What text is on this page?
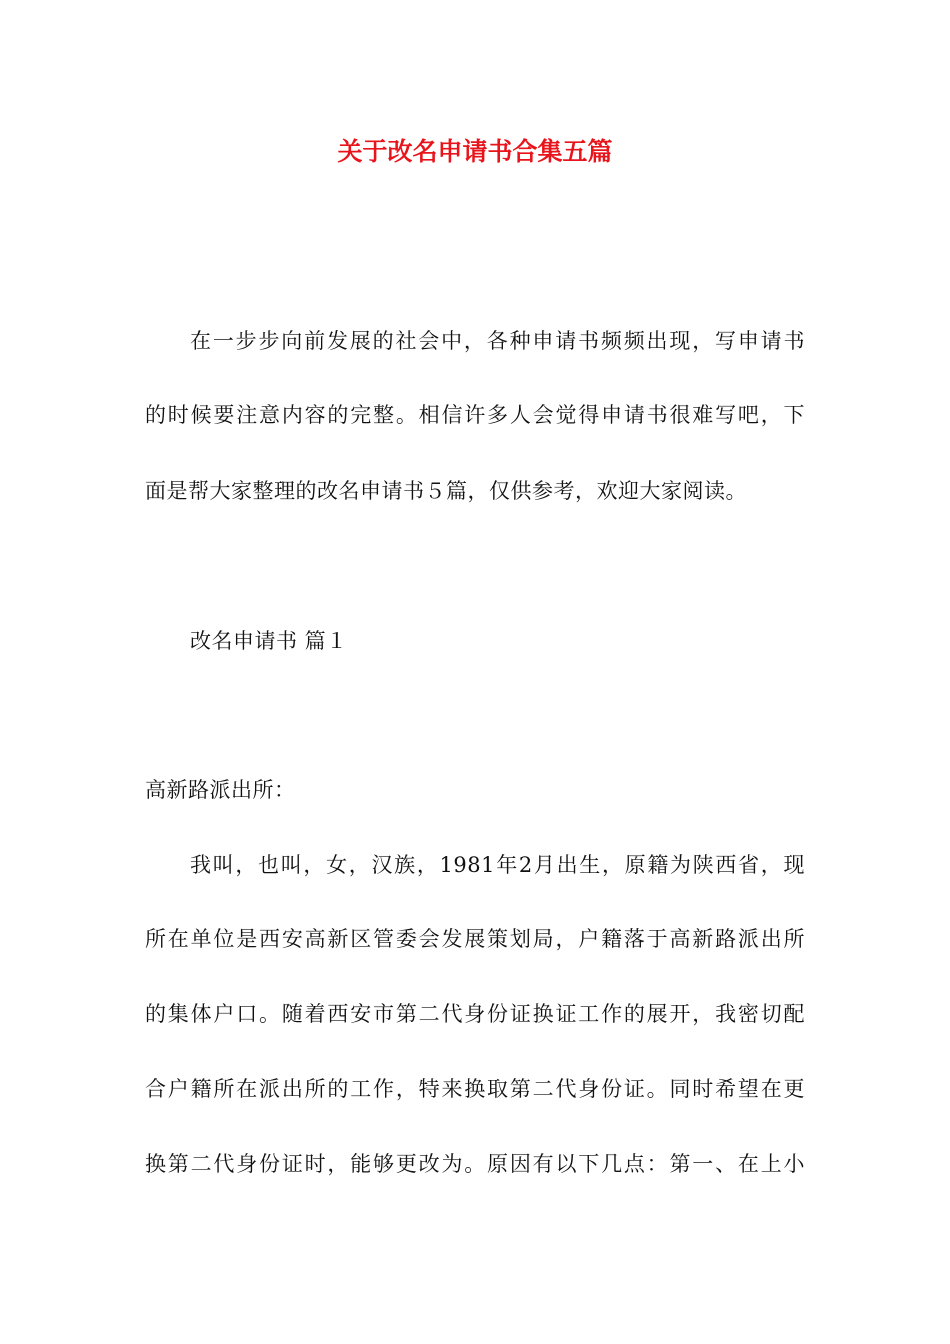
关于改名申请书合集五篇
在一步步向前发展的社会中，各种申请书频频出现，写申请书
的时候要注意内容的完整。相信许多人会觉得申请书很难写吧，下
面是帮大家整理的改名申请书５篇，仅供参考，欢迎大家阅读。
改名申请书 篇１
高新路派出所：
我叫，也叫，女，汉族，1981年2月出生，原籍为陕西省，现
所在单位是西安高新区管委会发展策划局，户籍落于高新路派出所
的集体户口。随着西安市第二代身份证换证工作的展开，我密切配
合户籍所在派出所的工作，特来换取第二代身份证。同时希望在更
换第二代身份证时，能够更改为。原因有以下几点：第一、在上小
